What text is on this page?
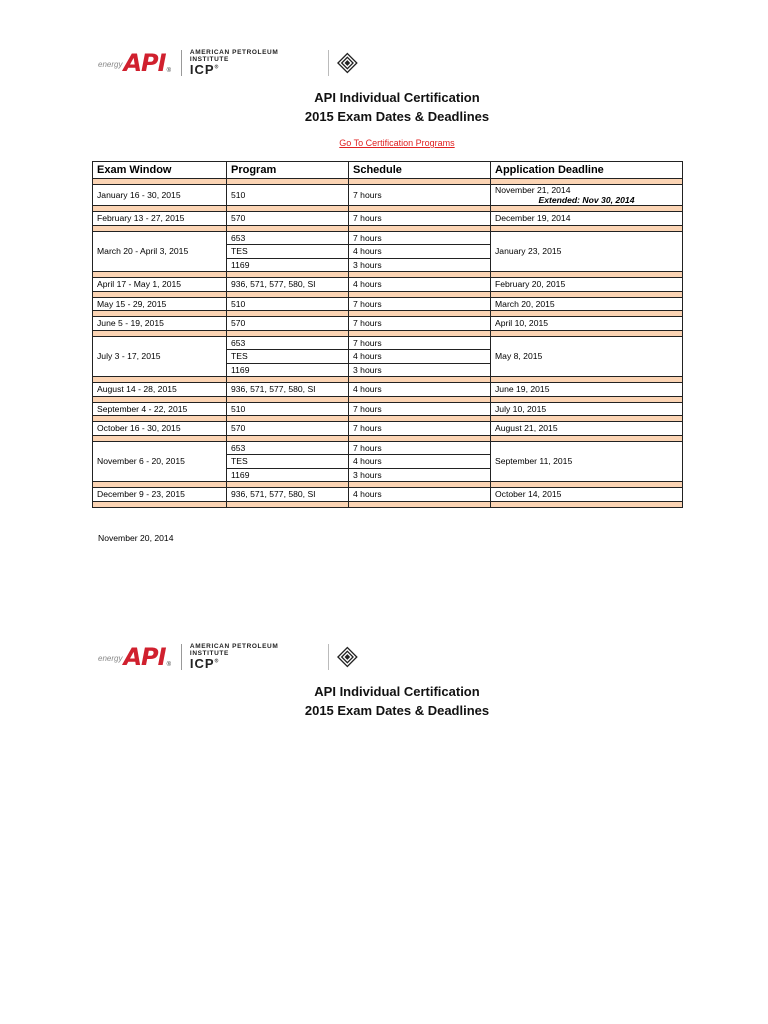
energy API ®
AMERICAN PETROLEUM INSTITUTE
ICP®
API Individual Certification
2015 Exam Dates & Deadlines
Go To Certification Programs
Exam Window	Program	Schedule	Application Deadline

January 16 - 30, 2015	510	7 hours	November 21, 2014
Extended: Nov 30, 2014

February 13 - 27, 2015	570	7 hours	December 19, 2014

March 20 - April 3, 2015	653	7 hours	January 23, 2015
	TES	4 hours	
	1169	3 hours	

April 17 - May 1, 2015	936, 571, 577, 580, SI	4 hours	February 20, 2015

May 15 - 29, 2015	510	7 hours	March 20, 2015

June 5 - 19, 2015	570	7 hours	April 10, 2015

July 3 - 17, 2015	653	7 hours	May 8, 2015
	TES	4 hours	
	1169	3 hours	

August 14 - 28, 2015	936, 571, 577, 580, SI	4 hours	June 19, 2015

September 4 - 22, 2015	510	7 hours	July 10, 2015

October 16 - 30, 2015	570	7 hours	August 21, 2015

November 6 - 20, 2015	653	7 hours	September 11, 2015
	TES	4 hours	
	1169	3 hours	

December 9 - 23, 2015	936, 571, 577, 580, SI	4 hours	October 14, 2015

November 20, 2014
energy API ®
AMERICAN PETROLEUM INSTITUTE
ICP®
API Individual Certification
2015 Exam Dates & Deadlines
